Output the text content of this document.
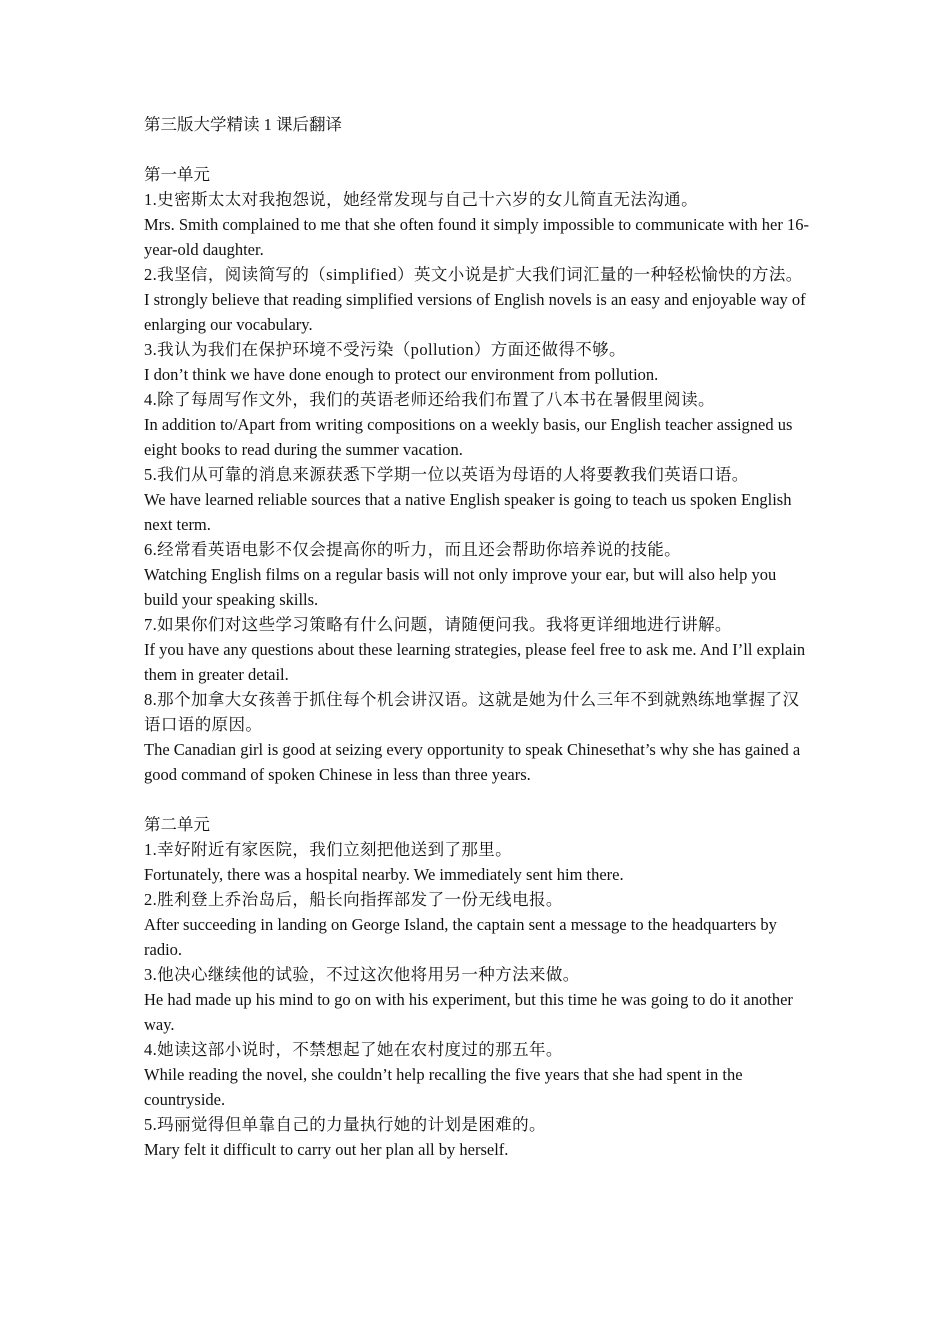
第三版大学精读 1 课后翻译
第一单元

1.史密斯太太对我抱怨说，她经常发现与自己十六岁的女儿简直无法沟通。

Mrs. Smith complained to me that she often found it simply impossible to communicate with her 16-year-old daughter.

2.我坚信，阅读简写的（simplified）英文小说是扩大我们词汇量的一种轻松愉快的方法。

I strongly believe that reading simplified versions of English novels is an easy and enjoyable way of enlarging our vocabulary.

3.我认为我们在保护环境不受污染（pollution）方面还做得不够。

I don’t think we have done enough to protect our environment from pollution.

4.除了每周写作文外，我们的英语老师还给我们布置了八本书在暑假里阅读。

In addition to/Apart from writing compositions on a weekly basis, our English teacher assigned us eight books to read during the summer vacation.

5.我们从可靠的消息来源获悉下学期一位以英语为母语的人将要教我们英语口语。

We have learned reliable sources that a native English speaker is going to teach us spoken English next term.

6.经常看英语电影不仅会提高你的听力，而且还会帮助你培养说的技能。

Watching English films on a regular basis will not only improve your ear, but will also help you build your speaking skills.

7.如果你们对这些学习策略有什么问题，请随便问我。我将更详细地进行讲解。

If you have any questions about these learning strategies, please feel free to ask me. And I’ll explain them in greater detail.

8.那个加拿大女孩善于抓住每个机会讲汉语。这就是她为什么三年不到就熟练地掌握了汉语口语的原因。

The Canadian girl is good at seizing every opportunity to speak Chinesethat’s why she has gained a good command of spoken Chinese in less than three years.

第二单元

1.幸好附近有家医院，我们立刻把他送到了那里。

Fortunately, there was a hospital nearby. We immediately sent him there.

2.胜利登上乔治岛后，船长向指挥部发了一份无线电报。

After succeeding in landing on George Island, the captain sent a message to the headquarters by radio.

3.他决心继续他的试验，不过这次他将用另一种方法来做。

He had made up his mind to go on with his experiment, but this time he was going to do it another way.

4.她读这部小说时，不禁想起了她在农村度过的那五年。

While reading the novel, she couldn’t help recalling the five years that she had spent in the countryside.

5.玛丽觉得但单靠自己的力量执行她的计划是困难的。

Mary felt it difficult to carry out her plan all by herself.
